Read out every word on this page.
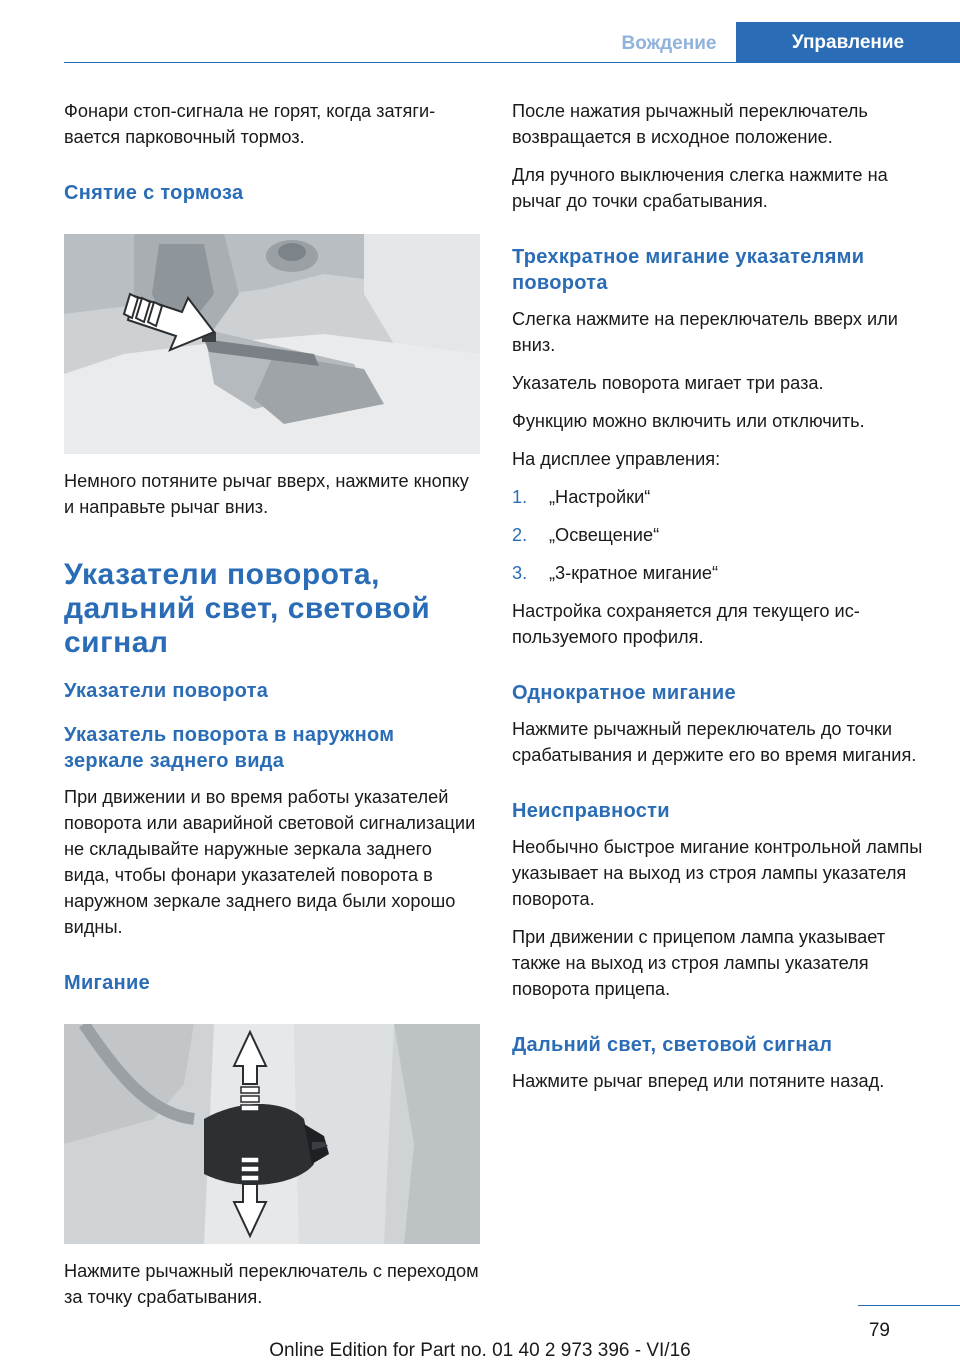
Вождение	Управление

Фонари стоп-сигнала не горят, когда затягивается парковочный тормоз.

Снятие с тормоза

Немного потяните рычаг вверх, нажмите кнопку и направьте рычаг вниз.

Указатели поворота, дальний свет, световой сигнал
Указатели поворота
Указатель поворота в наружном зеркале заднего вида

При движении и во время работы указателей поворота или аварийной световой сигнализации не складывайте наружные зеркала заднего вида, чтобы фонари указателей поворота в наружном зеркале заднего вида были хорошо видны.

Мигание

Нажмите рычажный переключатель с переходом за точку срабатывания.

После нажатия рычажный переключатель возвращается в исходное положение.

Для ручного выключения слегка нажмите на рычаг до точки срабатывания.

Трехкратное мигание указателями поворота

Слегка нажмите на переключатель вверх или вниз.

Указатель поворота мигает три раза.

Функцию можно включить или отключить.

На дисплее управления:

1.	„Настройки“
2.	„Освещение“
3.	„3-кратное мигание“

Настройка сохраняется для текущего используемого профиля.

Однократное мигание

Нажмите рычажный переключатель до точки срабатывания и держите его во время мигания.

Неисправности

Необычно быстрое мигание контрольной лампы указывает на выход из строя лампы указателя поворота.

При движении с прицепом лампа указывает также на выход из строя лампы указателя поворота прицепа.

Дальний свет, световой сигнал

Нажмите рычаг вперед или потяните назад.

79
Online Edition for Part no. 01 40 2 973 396 - VI/16
